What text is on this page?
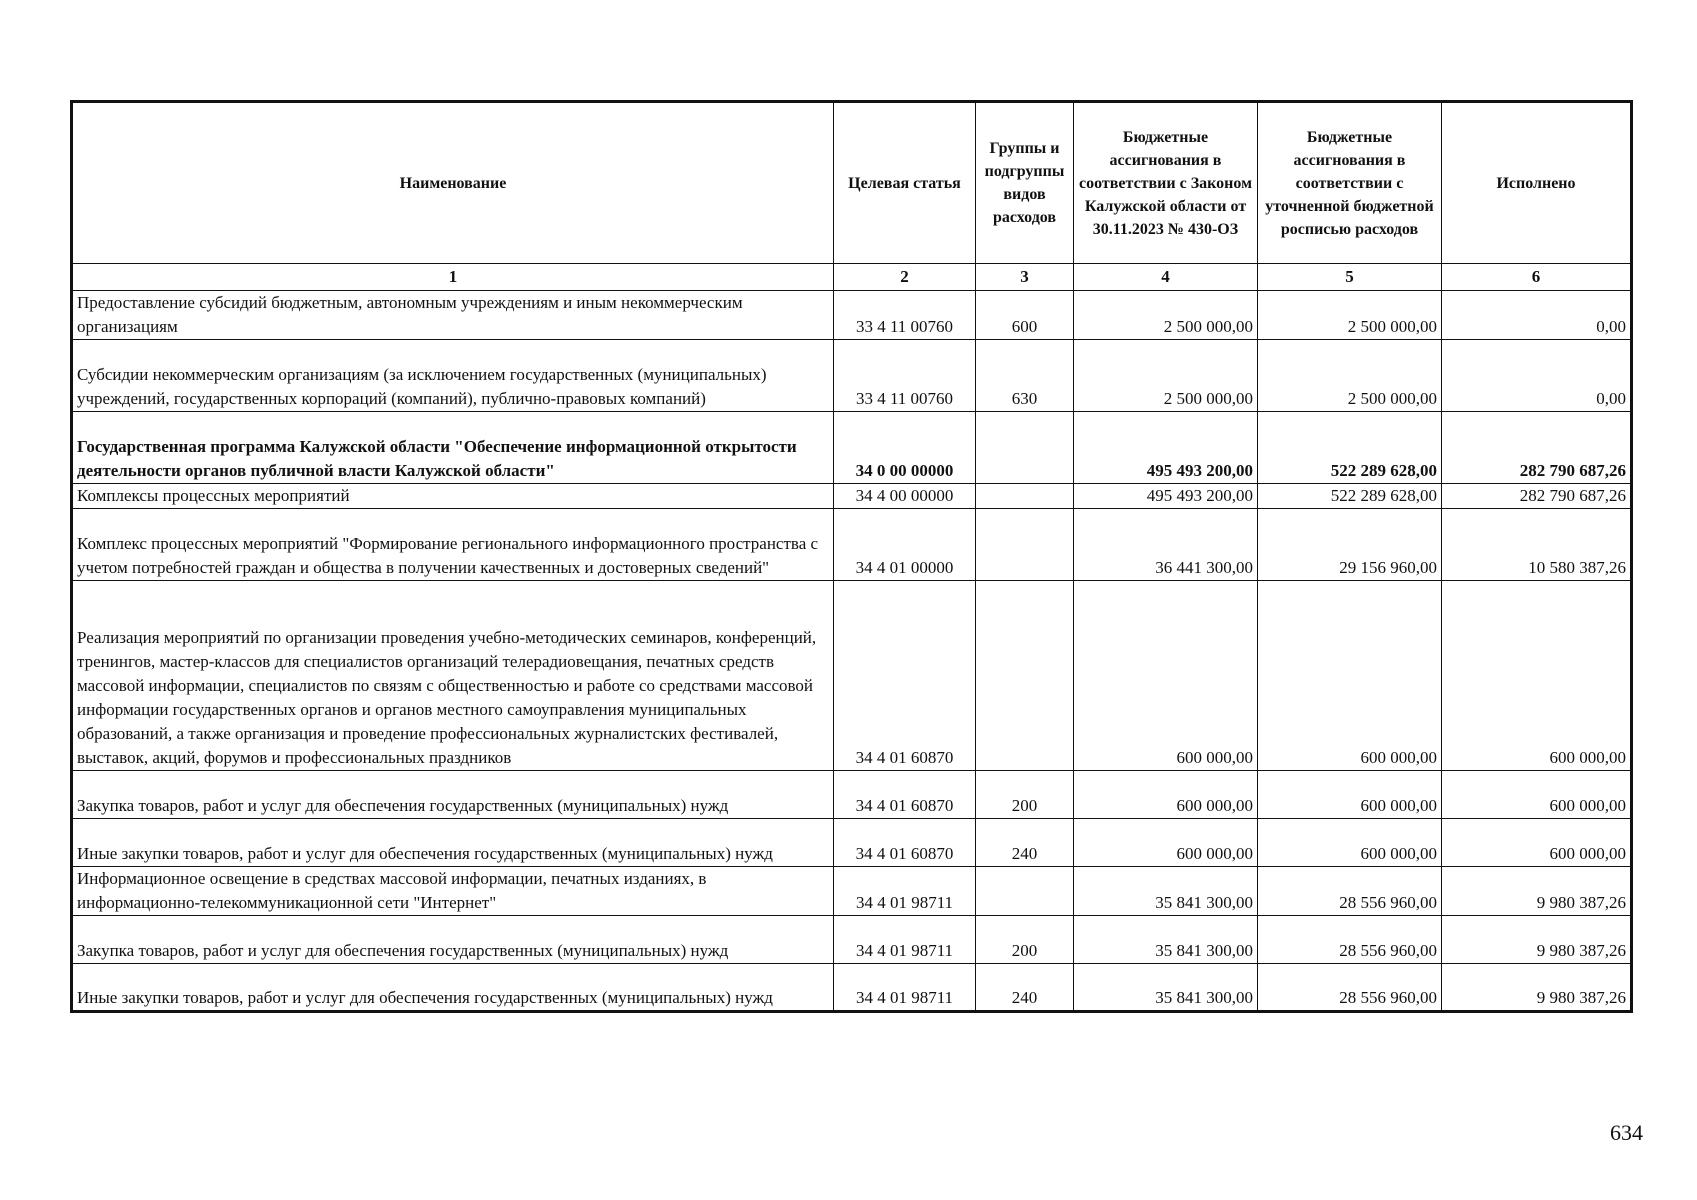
Наименование	Целевая статья	Группы и подгруппы видов расходов	Бюджетные ассигнования в соответствии с Законом Калужской области от 30.11.2023 № 430-ОЗ	Бюджетные ассигнования в соответствии с уточненной бюджетной росписью расходов	Исполнено
1	2	3	4	5	6
Предоставление субсидий бюджетным, автономным учреждениям и иным некоммерческим организациям	33 4 11 00760	600	2 500 000,00	2 500 000,00	0,00
Субсидии некоммерческим организациям (за исключением государственных (муниципальных) учреждений, государственных корпораций (компаний), публично-правовых компаний)	33 4 11 00760	630	2 500 000,00	2 500 000,00	0,00
Государственная программа Калужской области "Обеспечение информационной открытости деятельности органов публичной власти Калужской области"	34 0 00 00000		495 493 200,00	522 289 628,00	282 790 687,26
Комплексы процессных мероприятий	34 4 00 00000		495 493 200,00	522 289 628,00	282 790 687,26
Комплекс процессных мероприятий "Формирование регионального информационного пространства с учетом потребностей граждан и общества в получении качественных и достоверных сведений"	34 4 01 00000		36 441 300,00	29 156 960,00	10 580 387,26
Реализация мероприятий по организации проведения учебно-методических семинаров, конференций, тренингов, мастер-классов для специалистов организаций телерадиовещания, печатных средств массовой информации, специалистов по связям с общественностью и работе со средствами массовой информации государственных органов и органов местного самоуправления муниципальных образований, а также организация и проведение профессиональных журналистских фестивалей, выставок, акций, форумов и профессиональных праздников	34 4 01 60870		600 000,00	600 000,00	600 000,00
Закупка товаров, работ и услуг для обеспечения государственных (муниципальных) нужд	34 4 01 60870	200	600 000,00	600 000,00	600 000,00
Иные закупки товаров, работ и услуг для обеспечения государственных (муниципальных) нужд	34 4 01 60870	240	600 000,00	600 000,00	600 000,00
Информационное освещение в средствах массовой информации, печатных изданиях, в информационно-телекоммуникационной сети "Интернет"	34 4 01 98711		35 841 300,00	28 556 960,00	9 980 387,26
Закупка товаров, работ и услуг для обеспечения государственных (муниципальных) нужд	34 4 01 98711	200	35 841 300,00	28 556 960,00	9 980 387,26
Иные закупки товаров, работ и услуг для обеспечения государственных (муниципальных) нужд	34 4 01 98711	240	35 841 300,00	28 556 960,00	9 980 387,26
634
